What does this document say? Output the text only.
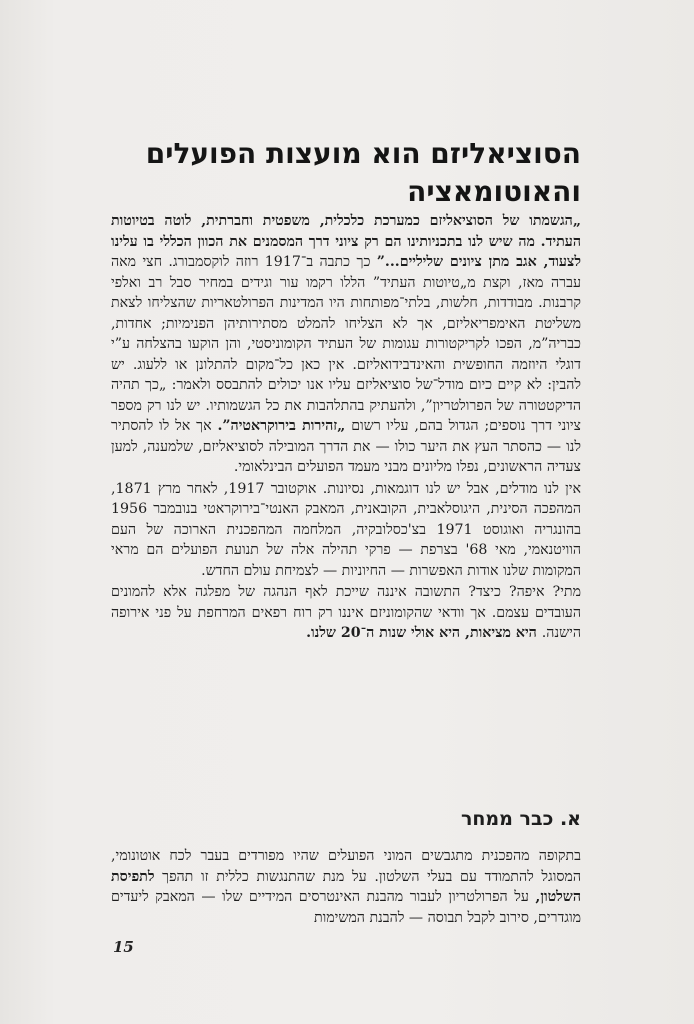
הסוציאליזם הוא מועצות הפועלים והאוטומאציה

„הגשמתו של הסוציאליזם כמערכת כלכלית, משפטית וחברתית, לוטה בטיוטות העתיד. מה שיש לנו בתכניותינו הם רק ציוני דרך המסמנים את הכוון הכללי בו עלינו לצעוד, אגב מתן ציונים שליליים...” כך כתבה ב־1917 רוזה לוקסמבורג. חצי מאה עברה מאז, וקצת מ„טיוטות העתיד” הללו רקמו עור וגידים במחיר סבל רב ואלפי קרבנות. מבודדות, חלשות, בלתי־מפותחות היו המדינות הפרולטאריות שהצליחו לצאת משליטת האימפריאליזם, אך לא הצליחו להמלט מסתירותיהן הפנימיות; אחדות, כבריה”מ, הפכו לקריקטורות עגומות של העתיד הקומוניסטי, והן הוקעו בהצלחה ע”י דוגלי היוזמה החופשית והאינדבידואליזם. אין כאן כל־מקום להתלונן או ללעוג. יש להבין: לא קיים כיום מודל־של סוציאליזם עליו אנו יכולים להתבסס ולאמר: „כך תהיה הדיקטטורה של הפרולטריון”, ולהעתיק בהתלהבות את כל הגשמותיו. יש לנו רק מספר ציוני דרך נוספים; הגדול בהם, עליו רשום „זהירות בירוקראטיה”. אך אל לו להסתיר לנו — כהסתר העץ את היער כולו — את הדרך המובילה לסוציאליזם, שלמענה, למען צעדיה הראשונים, נפלו מליונים מבני מעמד הפועלים הבינלאומי.

אין לנו מודלים, אבל יש לנו דוגמאות, נסיונות. אוקטובר 1917, לאחר מרץ 1871, המהפכה הסינית, היגוסלאבית, הקובאנית, המאבק האנטי־בירוקראטי בנובמבר 1956 בהונגריה ואוגוסט 1971 בצ'כסלובקיה, המלחמה המהפכנית הארוכה של העם הוויטנאמי, מאי 68' בצרפת — פרקי תהילה אלה של תנועת הפועלים הם מראי המקומות שלנו אודות האפשרות — החיוניות — לצמיחת עולם החדש.

מתי? איפה? כיצד? התשובה איננה שייכת לאף הנהגה של מפלגה אלא להמונים העובדים עצמם. אך וודאי שהקומוניזם איננו רק רוח רפאים המרחפת על פני אירופה הישנה. היא מציאות, היא אולי שנות ה־20 שלנו.

א. כבר ממחר

בתקופה מהפכנית מתגבשים המוני הפועלים שהיו מפורדים בעבר לכח אוטונומי, המסוגל להתמודד עם בעלי השלטון. על מנת שהתנגשות כללית זו תהפך לתפיסת השלטון, על הפרולטריון לעבור מהבנת האינטרסים המידיים שלו — המאבק ליעדים מוגדרים, סירוב לקבל תבוסה — להבנת המשימות

15
